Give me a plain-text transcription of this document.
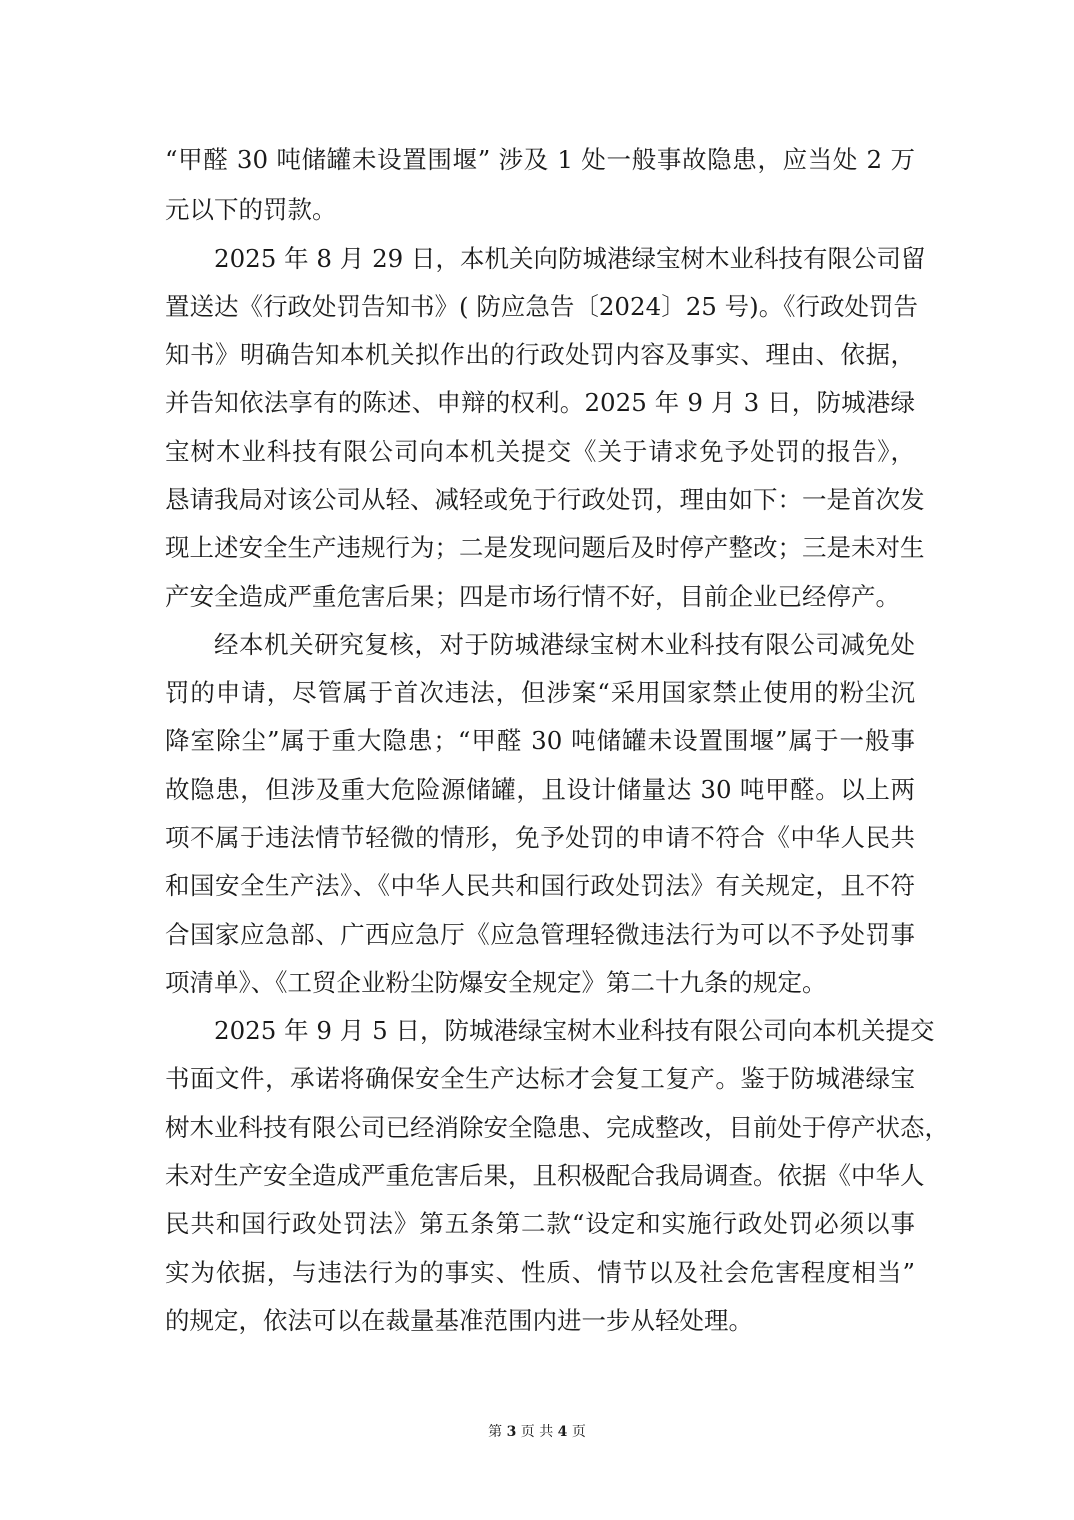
“甲醛 30 吨储罐未设置围堰” 涉及 1 处一般事故隐患，应当处 2 万
元以下的罚款。
2025 年 8 月 29 日，本机关向防城港绿宝树木业科技有限公司留
置送达《行政处罚告知书》( 防应急告〔2024〕25 号)。《行政处罚告
知书》明确告知本机关拟作出的行政处罚内容及事实、理由、依据，
并告知依法享有的陈述、申辩的权利。2025 年 9 月 3 日，防城港绿
宝树木业科技有限公司向本机关提交《关于请求免予处罚的报告》，
恳请我局对该公司从轻、减轻或免于行政处罚，理由如下：一是首次发
现上述安全生产违规行为；二是发现问题后及时停产整改；三是未对生
产安全造成严重危害后果；四是市场行情不好，目前企业已经停产。
经本机关研究复核，对于防城港绿宝树木业科技有限公司减免处
罚的申请，尽管属于首次违法，但涉案“采用国家禁止使用的粉尘沉
降室除尘”属于重大隐患；“甲醛 30 吨储罐未设置围堰”属于一般事
故隐患，但涉及重大危险源储罐，且设计储量达 30 吨甲醛。以上两
项不属于违法情节轻微的情形，免予处罚的申请不符合《中华人民共
和国安全生产法》、《中华人民共和国行政处罚法》有关规定，且不符
合国家应急部、广西应急厅《应急管理轻微违法行为可以不予处罚事
项清单》、《工贸企业粉尘防爆安全规定》第二十九条的规定。
2025 年 9 月 5 日，防城港绿宝树木业科技有限公司向本机关提交
书面文件，承诺将确保安全生产达标才会复工复产。鉴于防城港绿宝
树木业科技有限公司已经消除安全隐患、完成整改，目前处于停产状态，
未对生产安全造成严重危害后果，且积极配合我局调查。依据《中华人
民共和国行政处罚法》第五条第二款“设定和实施行政处罚必须以事
实为依据，与违法行为的事实、性质、情节以及社会危害程度相当”
的规定，依法可以在裁量基准范围内进一步从轻处理。
第 3 页 共 4 页
